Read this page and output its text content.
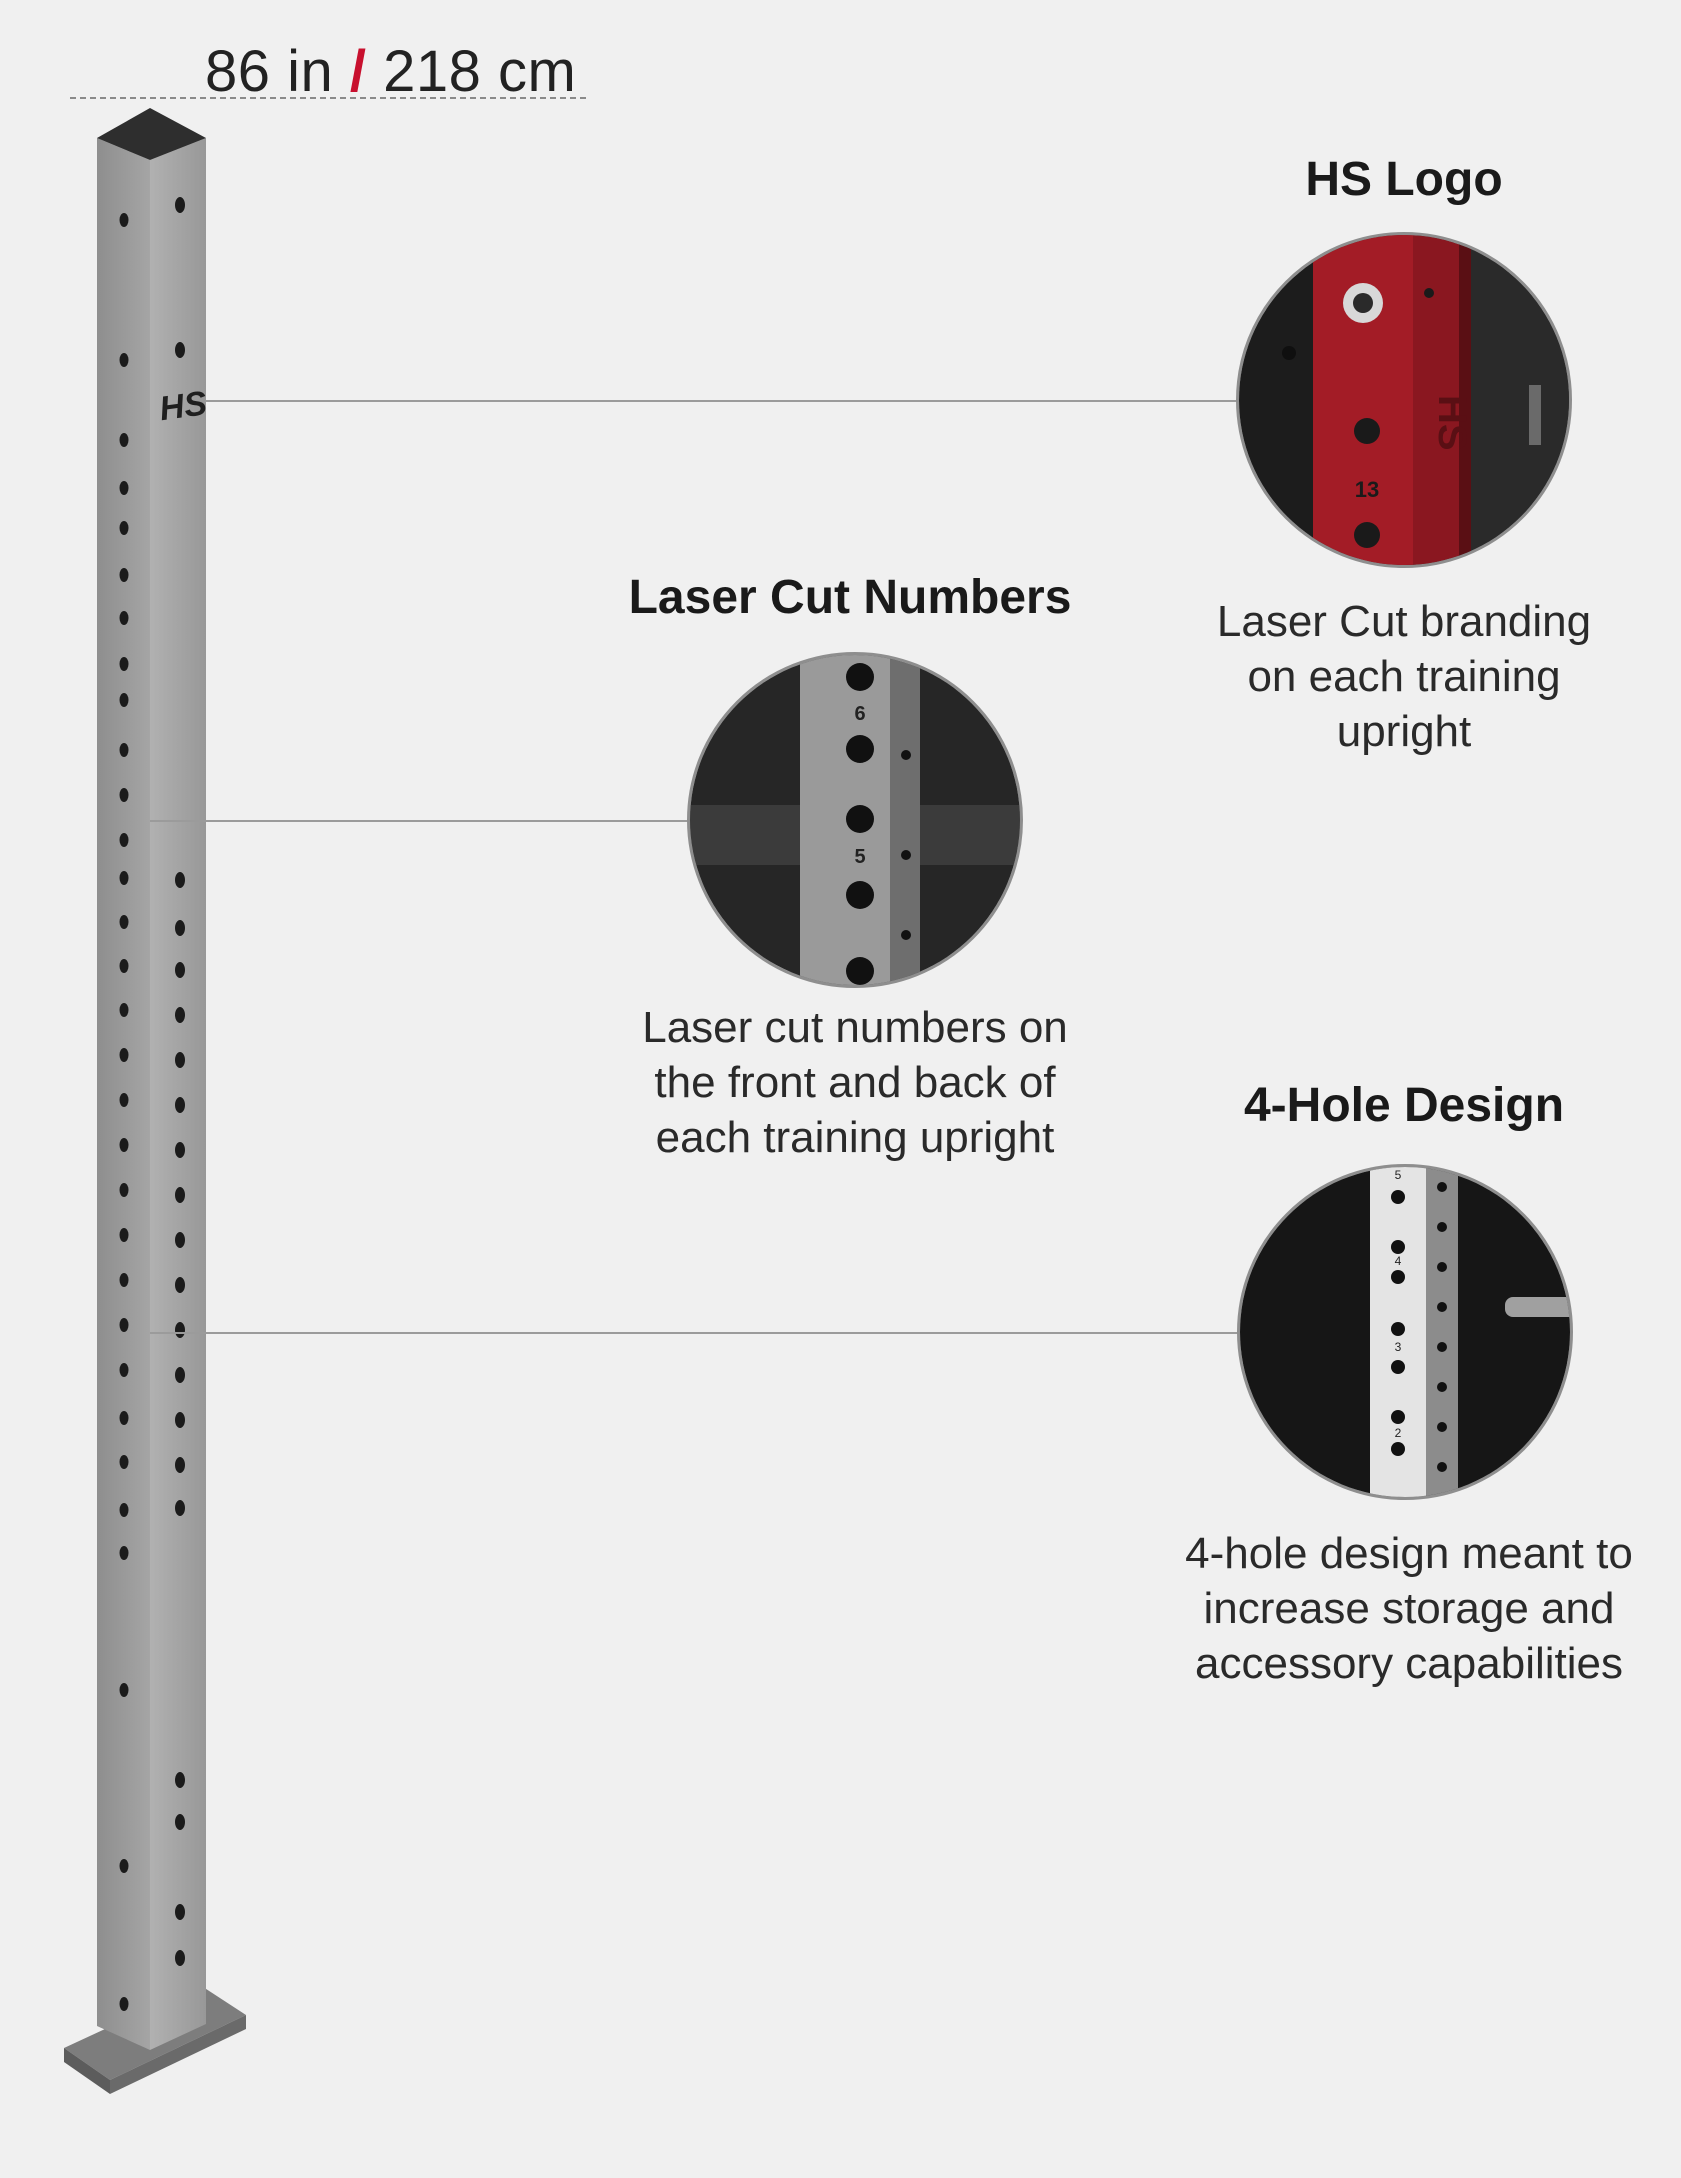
86 in / 218 cm
HS
HS Logo
13
HS
Laser Cut branding
on each training
upright
Laser Cut Numbers
6
5
Laser cut numbers on
the front and back of
each training upright
4-Hole Design
5
4
3
2
4-hole design meant to
increase storage and
accessory capabilities
